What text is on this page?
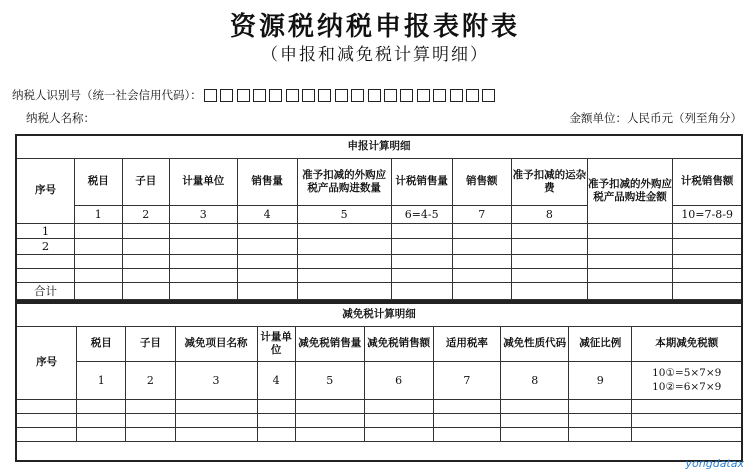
资源税纳税申报表附表
（申报和减免税计算明细）
纳税人识别号（统一社会信用代码）：
纳税人名称：	金额单位：人民币元（列至角分）
申报计算明细										
序号	税目	子目	计量单位	销售量	准予扣减的外购应税产品购进数量	计税销售量	销售额	准予扣减的运杂费	准予扣减的外购应税产品购进金额	计税销售额
	1	2	3	4	5	6=4-5	7	8		10=7-8-9
1										
2										

合计										
减免税计算明细										
序号	税目	子目	减免项目名称	计量单位	减免税销售量	减免税销售额	适用税率	减免性质代码	减征比例	本期减免税额
	1	2	3	4	5	6	7	8	9	10①=5×7×9
10②=6×7×9

yongdatax
